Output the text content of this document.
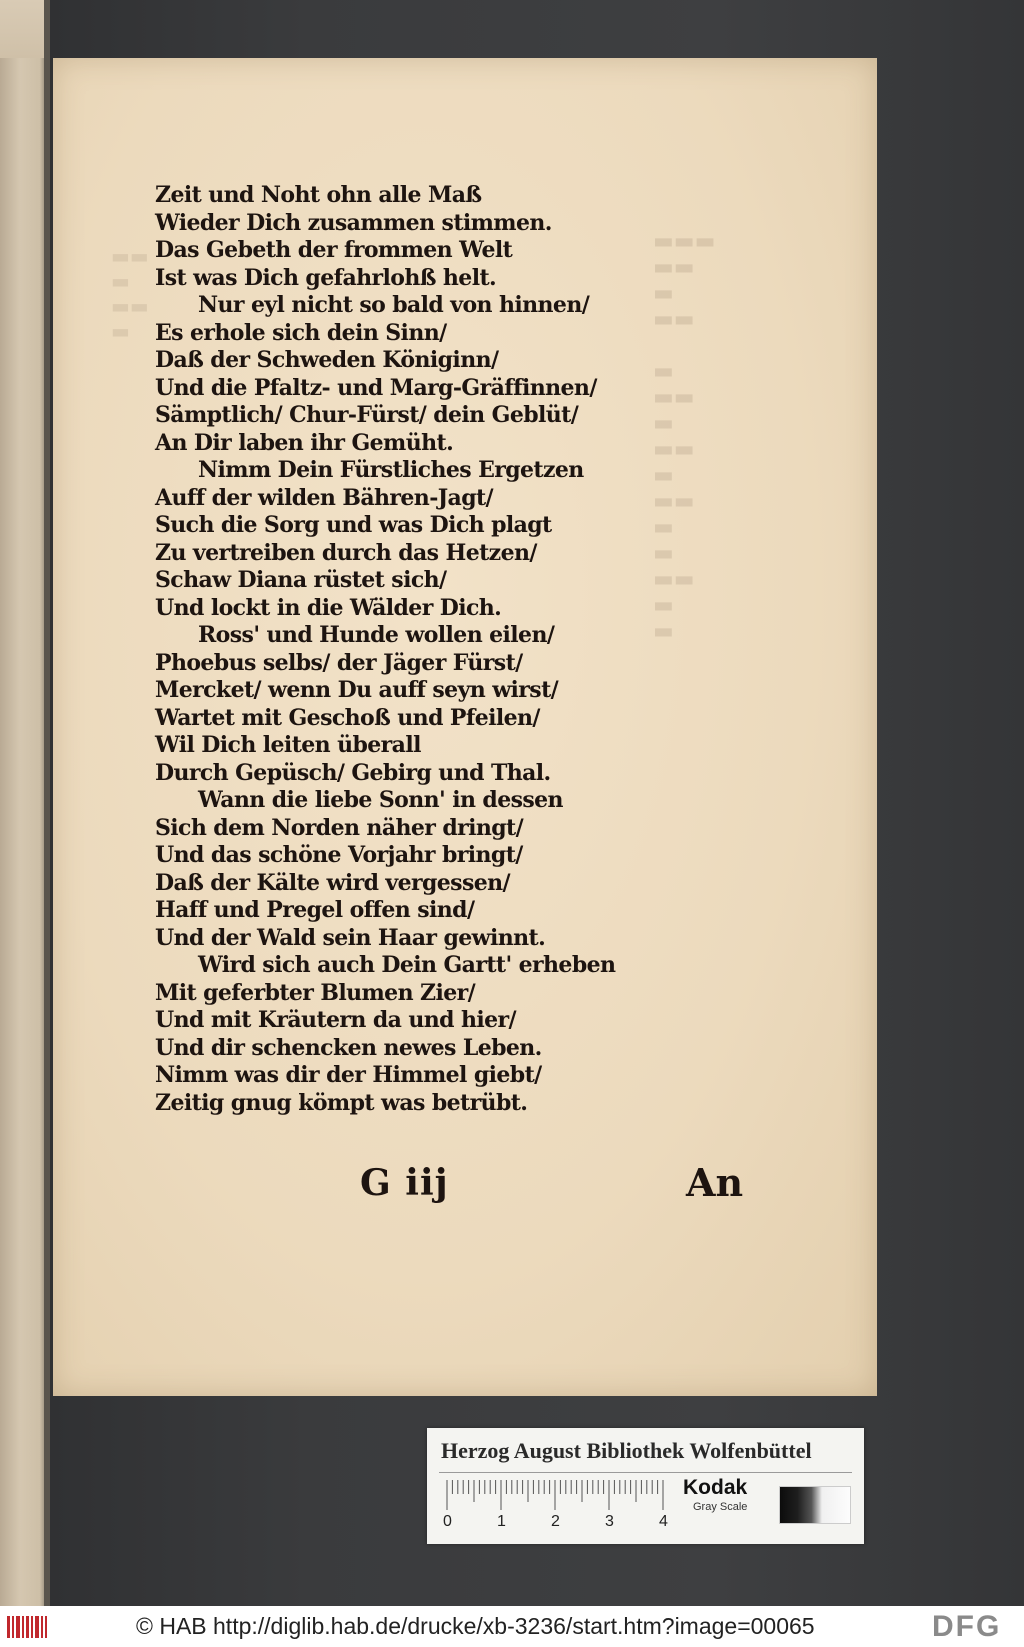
▬▬
▬
▬▬
▬
▬▬▬
▬▬
▬
▬▬

▬
▬▬
▬
▬▬
▬
▬▬
▬
▬
▬▬
▬
▬
Zeit und Noht ohn alle Maß
Wieder Dich zusammen stimmen.
Das Gebeth der frommen Welt
Ist was Dich gefahrlohß helt.
Nur eyl nicht so bald von hinnen/
Es erhole sich dein Sinn/
Daß der Schweden Königinn/
Und die Pfaltz- und Marg-Gräffinnen/
Sämptlich/ Chur-Fürst/ dein Geblüt/
An Dir laben ihr Gemüht.
Nimm Dein Fürstliches Ergetzen
Auff der wilden Bähren-Jagt/
Such die Sorg und was Dich plagt
Zu vertreiben durch das Hetzen/
Schaw Diana rüstet sich/
Und lockt in die Wälder Dich.
Ross' und Hunde wollen eilen/
Phoebus selbs/ der Jäger Fürst/
Mercket/ wenn Du auff seyn wirst/
Wartet mit Geschoß und Pfeilen/
Wil Dich leiten überall
Durch Gepüsch/ Gebirg und Thal.
Wann die liebe Sonn' in dessen
Sich dem Norden näher dringt/
Und das schöne Vorjahr bringt/
Daß der Kälte wird vergessen/
Haff und Pregel offen sind/
Und der Wald sein Haar gewinnt.
Wird sich auch Dein Gartt' erheben
Mit geferbter Blumen Zier/
Und mit Kräutern da und hier/
Und dir schencken newes Leben.
Nimm was dir der Himmel giebt/
Zeitig gnug kömpt was betrübt.
G iij	An
Herzog August Bibliothek Wolfenbüttel
0	1	2	3	4
Kodak
Gray Scale
© HAB http://diglib.hab.de/drucke/xb-3236/start.htm?image=00065	DFG
